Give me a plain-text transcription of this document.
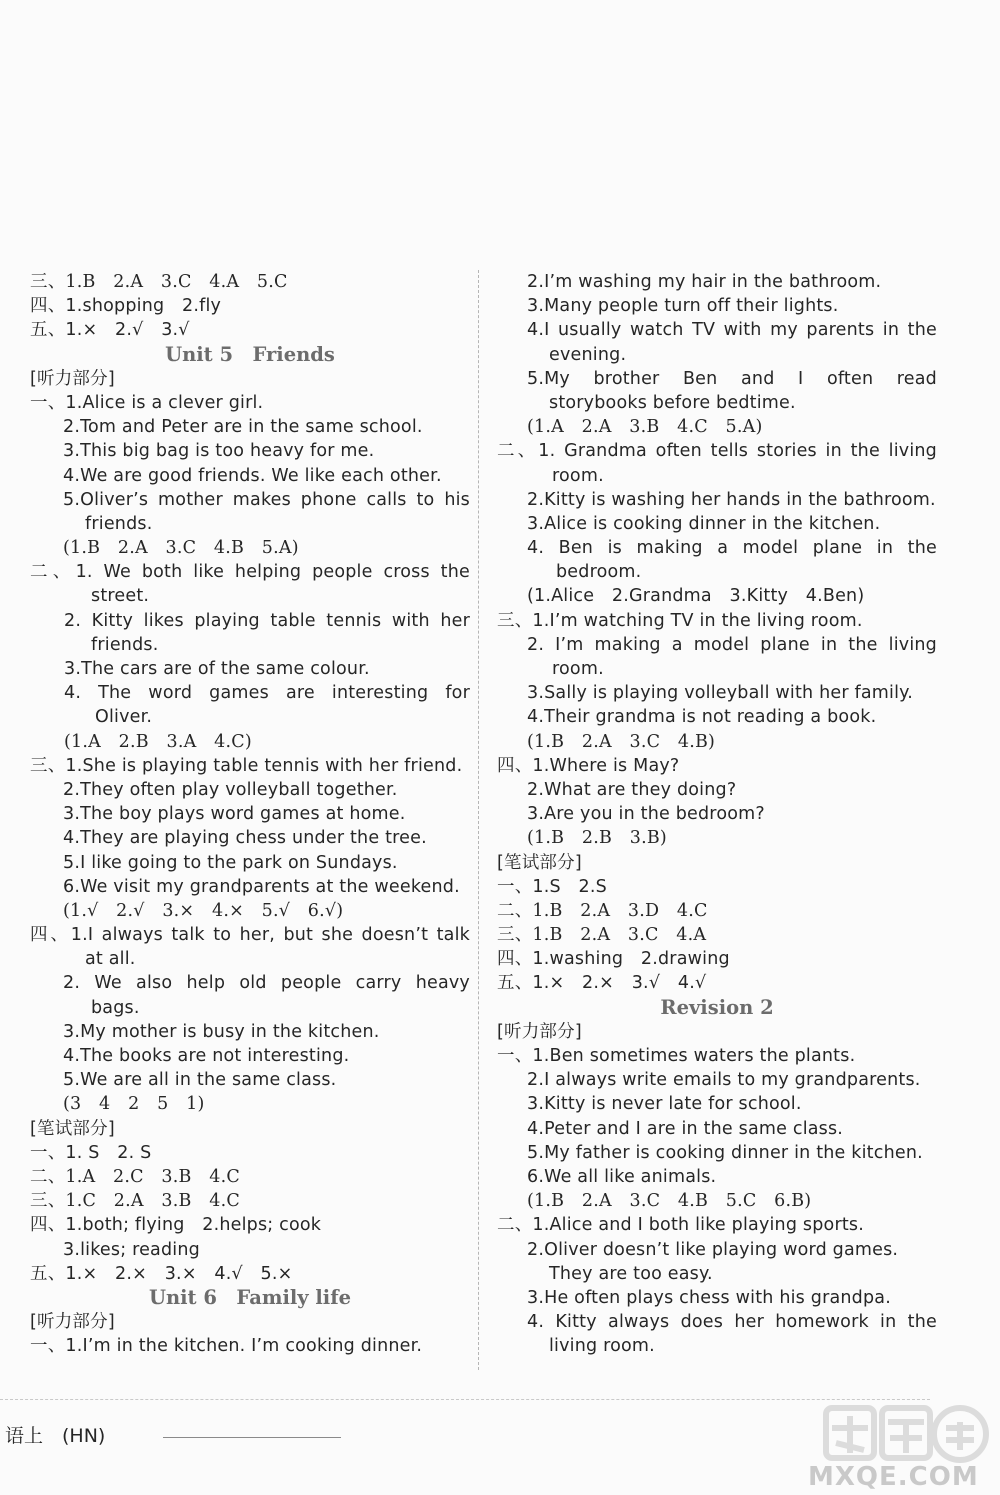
三、1.B　2.A　3.C　4.A　5.C
四、1.shopping　2.fly
五、1.×　2.√　3.√
Unit 5　Friends
[听力部分]
一、1.Alice is a clever girl.
2.Tom and Peter are in the same school.
3.This big bag is too heavy for me.
4.We are good friends. We like each other.
5.Oliver’s mother makes phone calls to his
friends.
(1.B　2.A　3.C　4.B　5.A)
二、1. We both like helping people cross the
street.
2. Kitty likes playing table tennis with her
friends.
3.The cars are of the same colour.
4. The word games are interesting for
Oliver.
(1.A　2.B　3.A　4.C)
三、1.She is playing table tennis with her friend.
2.They often play volleyball together.
3.The boy plays word games at home.
4.They are playing chess under the tree.
5.I like going to the park on Sundays.
6.We visit my grandparents at the weekend.
(1.√　2.√　3.×　4.×　5.√　6.√)
四、1.I always talk to her, but she doesn’t talk
at all.
2. We also help old people carry heavy
bags.
3.My mother is busy in the kitchen.
4.The books are not interesting.
5.We are all in the same class.
(3　4　2　5　1)
[笔试部分]
一、1. S　2. S
二、1.A　2.C　3.B　4.C
三、1.C　2.A　3.B　4.C
四、1.both; flying　2.helps; cook
3.likes; reading
五、1.×　2.×　3.×　4.√　5.×
Unit 6　Family life
[听力部分]
一、1.I’m in the kitchen. I’m cooking dinner.
2.I’m washing my hair in the bathroom.
3.Many people turn off their lights.
4.I usually watch TV with my parents in the
evening.
5.My brother Ben and I often read
storybooks before bedtime.
(1.A　2.A　3.B　4.C　5.A)
二、1. Grandma often tells stories in the living
room.
2.Kitty is washing her hands in the bathroom.
3.Alice is cooking dinner in the kitchen.
4. Ben is making a model plane in the
bedroom.
(1.Alice　2.Grandma　3.Kitty　4.Ben)
三、1.I’m watching TV in the living room.
2. I’m making a model plane in the living
room.
3.Sally is playing volleyball with her family.
4.Their grandma is not reading a book.
(1.B　2.A　3.C　4.B)
四、1.Where is May?
2.What are they doing?
3.Are you in the bedroom?
(1.B　2.B　3.B)
[笔试部分]
一、1.S　2.S
二、1.B　2.A　3.D　4.C
三、1.B　2.A　3.C　4.A
四、1.washing　2.drawing
五、1.×　2.×　3.√　4.√
Revision 2
[听力部分]
一、1.Ben sometimes waters the plants.
2.I always write emails to my grandparents.
3.Kitty is never late for school.
4.Peter and I are in the same class.
5.My father is cooking dinner in the kitchen.
6.We all like animals.
(1.B　2.A　3.C　4.B　5.C　6.B)
二、1.Alice and I both like playing sports.
2.Oliver doesn’t like playing word games.
They are too easy.
3.He often plays chess with his grandpa.
4. Kitty always does her homework in the
living room.
语上　(HN)
MXQE.COM
